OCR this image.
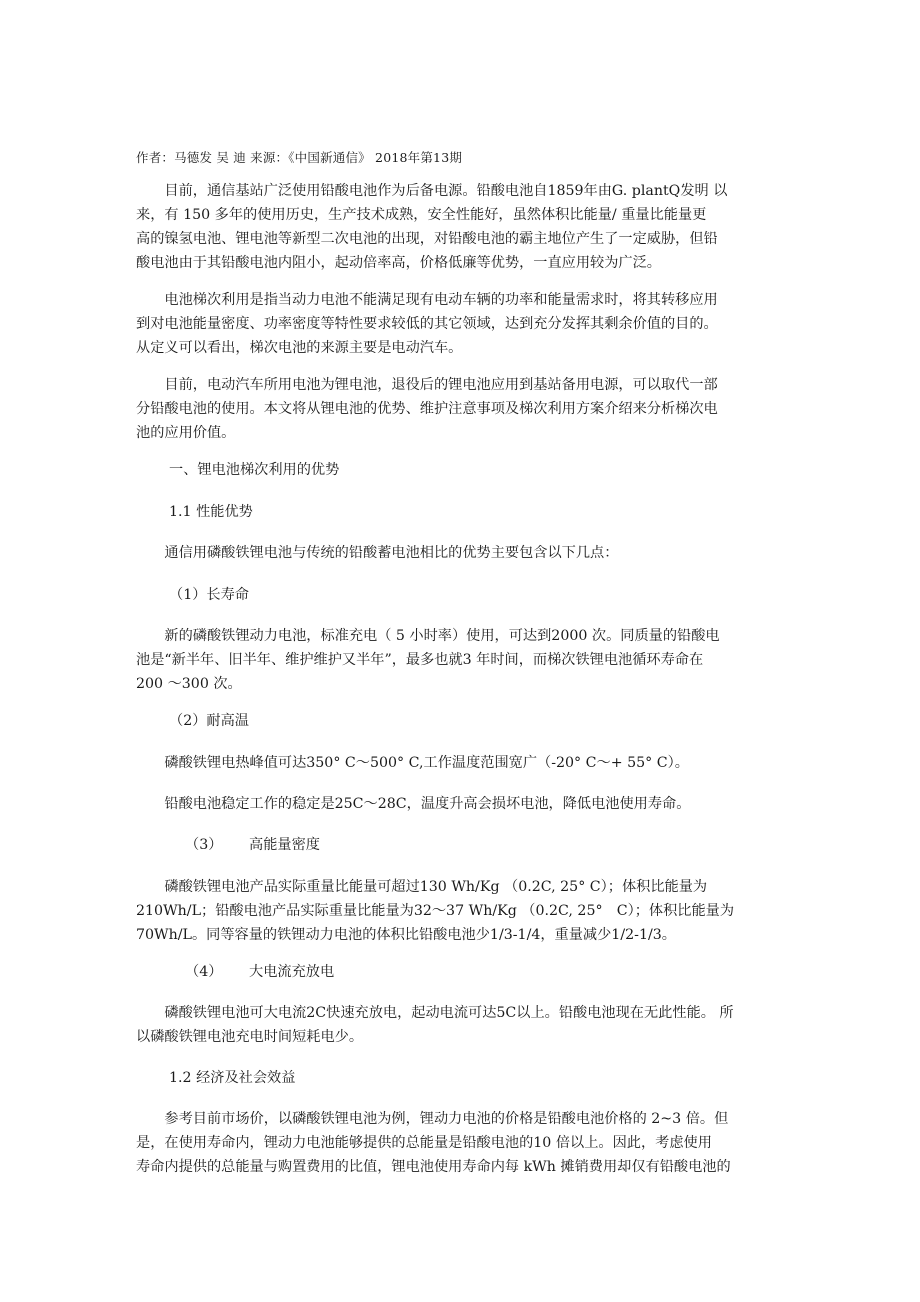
作者：马德发 吴 迪 来源：《中国新通信》 2018年第13期

　　目前，通信基站广泛使用铅酸电池作为后备电源。铅酸电池自1859年由G. plantQ发明 以
来，有 150 多年的使用历史，生产技术成熟，安全性能好，虽然体积比能量/ 重量比能量更
高的镍氢电池、锂电池等新型二次电池的出现，对铅酸电池的霸主地位产生了一定威胁，但铅
酸电池由于其铅酸电池内阻小，起动倍率高，价格低廉等优势，一直应用较为广泛。

　　电池梯次利用是指当动力电池不能满足现有电动车辆的功率和能量需求时，将其转移应用
到对电池能量密度、功率密度等特性要求较低的其它领域，达到充分发挥其剩余价值的目的。
从定义可以看出，梯次电池的来源主要是电动汽车。

　　目前，电动汽车所用电池为锂电池，退役后的锂电池应用到基站备用电源，可以取代一部
分铅酸电池的使用。本文将从锂电池的优势、维护注意事项及梯次利用方案介绍来分析梯次电
池的应用价值。

一、锂电池梯次利用的优势

1.1 性能优势

　　通信用磷酸铁锂电池与传统的铅酸蓄电池相比的优势主要包含以下几点：

（1）长寿命

　　新的磷酸铁锂动力电池，标准充电（ 5 小时率）使用，可达到2000 次。同质量的铅酸电
池是“新半年、旧半年、维护维护又半年”，最多也就3 年时间，而梯次铁锂电池循环寿命在
200 ～300 次。

（2）耐高温

　　磷酸铁锂电热峰值可达350° C～500° C,工作温度范围宽广（-20° C～+ 55° C）。

　　铅酸电池稳定工作的稳定是25C～28C，温度升高会损坏电池，降低电池使用寿命。

（3） 高能量密度

　　磷酸铁锂电池产品实际重量比能量可超过130 Wh/Kg （0.2C, 25° C）；体积比能量为
210Wh/L；铅酸电池产品实际重量比能量为32～37 Wh/Kg （0.2C, 25°　C）；体积比能量为
70Wh/L。同等容量的铁锂动力电池的体积比铅酸电池少1/3-1/4，重量减少1/2-1/3。

（4） 大电流充放电

　　磷酸铁锂电池可大电流2C快速充放电，起动电流可达5C以上。铅酸电池现在无此性能。 所
以磷酸铁锂电池充电时间短耗电少。

1.2 经济及社会效益

　　参考目前市场价，以磷酸铁锂电池为例，锂动力电池的价格是铅酸电池价格的 2~3 倍。但
是，在使用寿命内，锂动力电池能够提供的总能量是铅酸电池的10 倍以上。因此，考虑使用
寿命内提供的总能量与购置费用的比值，锂电池使用寿命内每 kWh 摊销费用却仅有铅酸电池的
